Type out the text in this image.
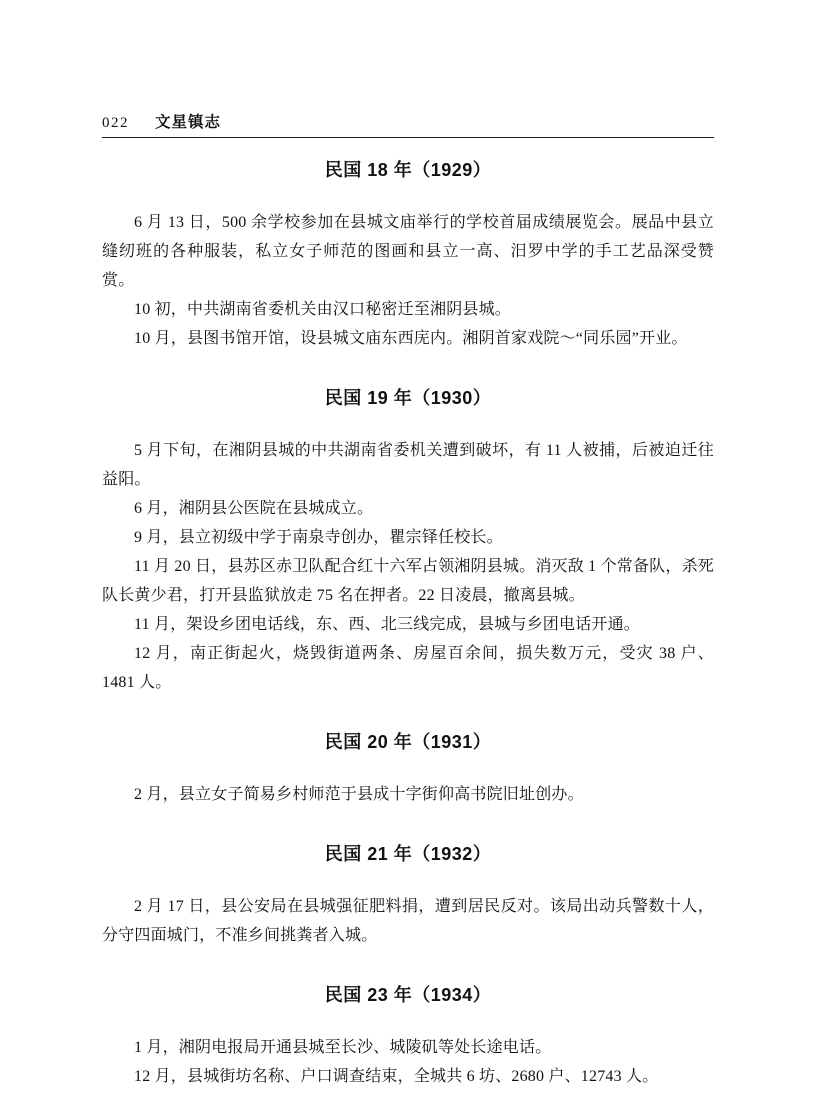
022 文星镇志
民国 18 年（1929）

6 月 13 日，500 余学校参加在县城文庙举行的学校首届成绩展览会。展品中县立缝纫班的各种服装，私立女子师范的图画和县立一高、汨罗中学的手工艺品深受赞赏。

10 初，中共湖南省委机关由汉口秘密迁至湘阴县城。

10 月，县图书馆开馆，设县城文庙东西庑内。湘阴首家戏院～“同乐园”开业。

民国 19 年（1930）

5 月下旬，在湘阴县城的中共湖南省委机关遭到破坏，有 11 人被捕，后被迫迁往益阳。

6 月，湘阴县公医院在县城成立。

9 月，县立初级中学于南泉寺创办，瞿宗铎任校长。

11 月 20 日，县苏区赤卫队配合红十六军占领湘阴县城。消灭敌 1 个常备队，杀死队长黄少君，打开县监狱放走 75 名在押者。22 日凌晨，撤离县城。

11 月，架设乡团电话线，东、西、北三线完成，县城与乡团电话开通。

12 月，南正街起火，烧毁街道两条、房屋百余间，损失数万元，受灾 38 户、1481 人。

民国 20 年（1931）

2 月，县立女子简易乡村师范于县成十字街仰高书院旧址创办。

民国 21 年（1932）

2 月 17 日，县公安局在县城强征肥料捐，遭到居民反对。该局出动兵警数十人，分守四面城门，不准乡间挑粪者入城。

民国 23 年（1934）

1 月，湘阴电报局开通县城至长沙、城陵矶等处长途电话。

12 月，县城街坊名称、户口调查结束，全城共 6 坊、2680 户、12743 人。
